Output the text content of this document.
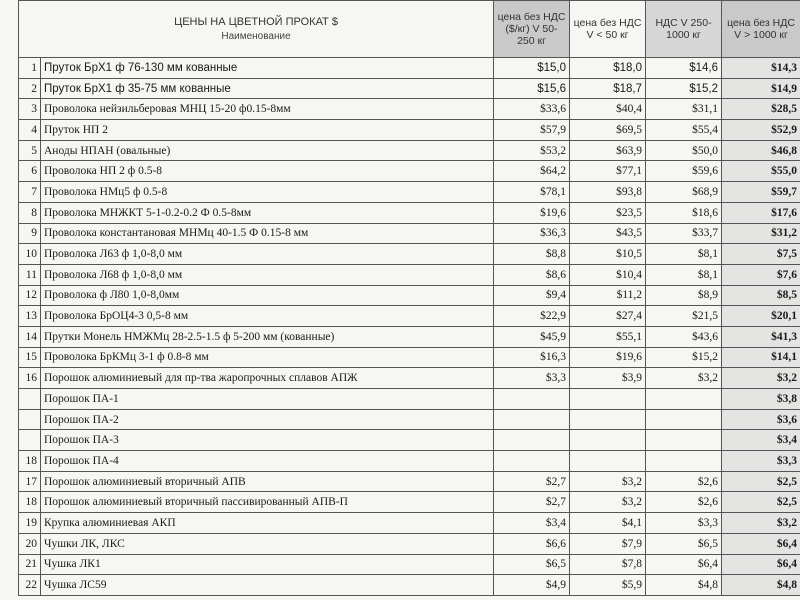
ЦЕНЫ НА ЦВЕТНОЙ ПРОКАТ $
Наименование		цена без НДС ($/кг) V 50-250 кг	цена без НДС V < 50 кг	НДС V 250-1000 кг	цена без НДС V > 1000 кг
1	Пруток БрХ1 ф 76-130 мм кованные	$15,0	$18,0	$14,6	$14,3
2	Пруток БрХ1 ф 35-75 мм кованные	$15,6	$18,7	$15,2	$14,9
3	Проволока нейзильберовая МНЦ 15-20 ф0.15-8мм	$33,6	$40,4	$31,1	$28,5
4	Пруток НП 2	$57,9	$69,5	$55,4	$52,9
5	Аноды НПАН (овальные)	$53,2	$63,9	$50,0	$46,8
6	Проволока НП 2 ф 0.5-8	$64,2	$77,1	$59,6	$55,0
7	Проволока НМц5 ф 0.5-8	$78,1	$93,8	$68,9	$59,7
8	Проволока МНЖКТ 5-1-0.2-0.2 Ф 0.5-8мм	$19,6	$23,5	$18,6	$17,6
9	Проволока константановая МНМц 40-1.5 Ф 0.15-8 мм	$36,3	$43,5	$33,7	$31,2
10	Проволока Л63 ф 1,0-8,0 мм	$8,8	$10,5	$8,1	$7,5
11	Проволока Л68 ф 1,0-8,0 мм	$8,6	$10,4	$8,1	$7,6
12	Проволока ф Л80 1,0-8,0мм	$9,4	$11,2	$8,9	$8,5
13	Проволока БрОЦ4-3 0,5-8 мм	$22,9	$27,4	$21,5	$20,1
14	Прутки Монель НМЖМц 28-2.5-1.5 ф 5-200 мм (кованные)	$45,9	$55,1	$43,6	$41,3
15	Проволока БрКМц 3-1 ф 0.8-8 мм	$16,3	$19,6	$15,2	$14,1
16	Порошок алюминиевый для пр-тва жаропрочных сплавов АПЖ	$3,3	$3,9	$3,2	$3,2
	Порошок ПА-1				$3,8
	Порошок ПА-2				$3,6
	Порошок ПА-3				$3,4
18	Порошок ПА-4				$3,3
17	Порошок алюминиевый вторичный АПВ	$2,7	$3,2	$2,6	$2,5
18	Порошок алюминиевый вторичный пассивированный АПВ-П	$2,7	$3,2	$2,6	$2,5
19	Крупка алюминиевая АКП	$3,4	$4,1	$3,3	$3,2
20	Чушки ЛК, ЛКС	$6,6	$7,9	$6,5	$6,4
21	Чушка ЛК1	$6,5	$7,8	$6,4	$6,4
22	Чушка ЛС59	$4,9	$5,9	$4,8	$4,8
